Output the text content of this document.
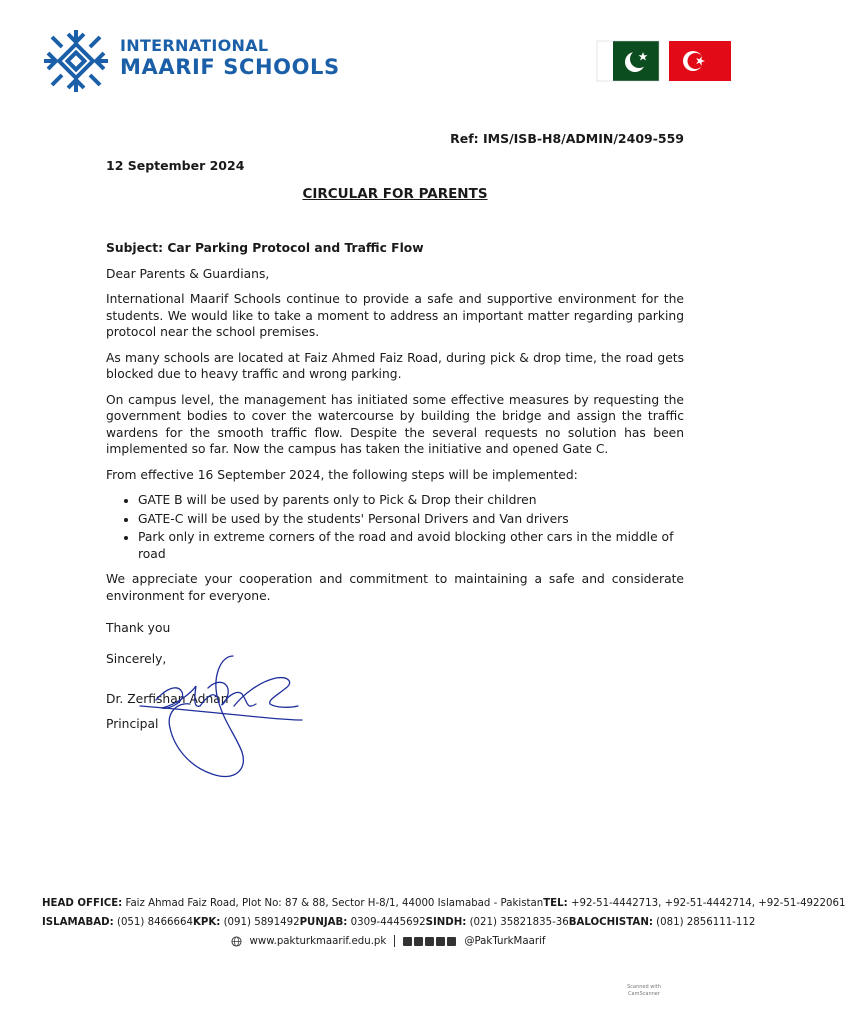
INTERNATIONAL
MAARIF SCHOOLS
Ref: IMS/ISB-H8/ADMIN/2409-559
12 September 2024
CIRCULAR FOR PARENTS

Subject: Car Parking Protocol and Traffic Flow

Dear Parents & Guardians,

International Maarif Schools continue to provide a safe and supportive environment for the students. We would like to take a moment to address an important matter regarding parking protocol near the school premises.

As many schools are located at Faiz Ahmed Faiz Road, during pick & drop time, the road gets blocked due to heavy traffic and wrong parking.

On campus level, the management has initiated some effective measures by requesting the government bodies to cover the watercourse by building the bridge and assign the traffic wardens for the smooth traffic flow. Despite the several requests no solution has been implemented so far. Now the campus has taken the initiative and opened Gate C.

From effective 16 September 2024, the following steps will be implemented:

• GATE B will be used by parents only to Pick & Drop their children
• GATE-C will be used by the students' Personal Drivers and Van drivers
• Park only in extreme corners of the road and avoid blocking other cars in the middle of road

We appreciate your cooperation and commitment to maintaining a safe and considerate environment for everyone.

Thank you

Sincerely,

Dr. Zerfishan Adnan

Principal

HEAD OFFICE: Faiz Ahmad Faiz Road, Plot No: 87 & 88, Sector H-8/1, 44000 Islamabad - Pakistan TEL: +92-51-4442713, +92-51-4442714, +92-51-4922061
ISLAMABAD: (051) 8466664 KPK: (091) 5891492 PUNJAB: 0309-4445692 SINDH: (021) 35821835-36 BALOCHISTAN: (081) 2856111-112
www.pakturkmaarif.edu.pk	@PakTurkMaarif
Scanned with CamScanner
